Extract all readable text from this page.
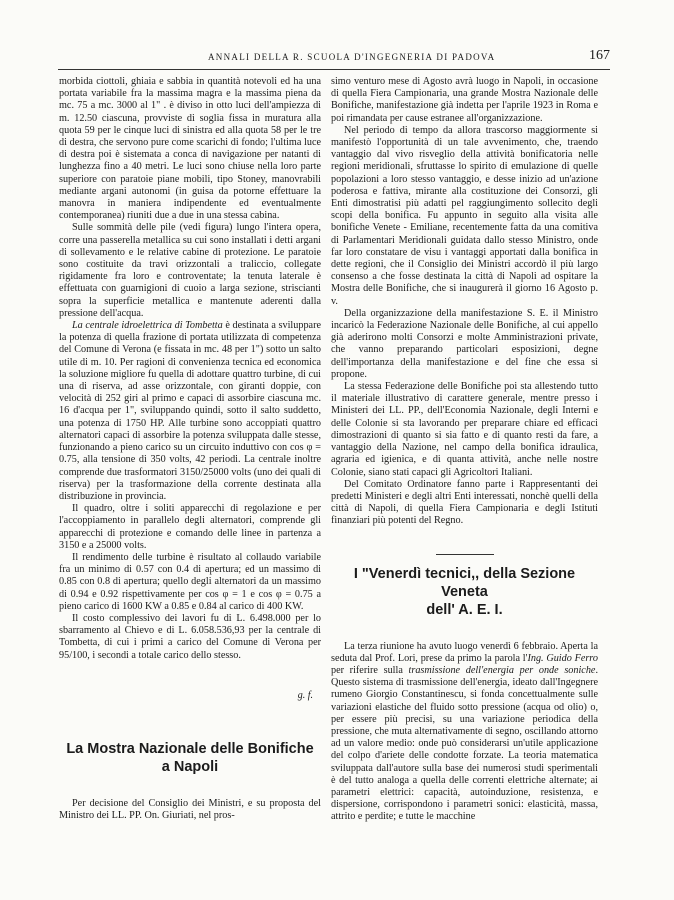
ANNALI DELLA R. SCUOLA D'INGEGNERIA DI PADOVA	167

morbida ciottoli, ghiaia e sabbia in quantità notevoli ed ha una portata variabile fra la massima magra e la massima piena da mc. 75 a mc. 3000 al 1" . è diviso in otto luci dell'ampiezza di m. 12.50 ciascuna, provviste di soglia fissa in muratura alla quota 59 per le cinque luci di sinistra ed alla quota 58 per le tre di destra, che servono pure come scarichi di fondo; l'ultima luce di destra poi è sistemata a conca di navigazione per natanti di lunghezza fino a 40 metri. Le luci sono chiuse nella loro parte superiore con paratoie piane mobili, tipo Stoney, manovrabili mediante argani autonomi (in guisa da potorne effettuare la manovra in maniera indipendente ed eventualmente contemporanea) riuniti due a due in una stessa cabina.

Sulle sommità delle pile (vedi figura) lungo l'intera opera, corre una passerella metallica su cui sono installati i detti argani di sollevamento e le relative cabine di protezione. Le paratoie sono costituite da travi orizzontali a traliccio, collegate rigidamente fra loro e controventate; la tenuta laterale è effettuata con guarnigioni di cuoio a larga sezione, striscianti sopra la superficie metallica e mantenute aderenti dalla pressione dell'acqua.

La centrale idroelettrica di Tombetta è destinata a sviluppare la potenza di quella frazione di portata utilizzata di competenza del Comune di Verona (e fissata in mc. 48 per 1") sotto un salto utile di m. 10. Per ragioni di convenienza tecnica ed economica la soluzione migliore fu quella di adottare quattro turbine, di cui una di riserva, ad asse orizzontale, con giranti doppie, con velocità di 252 giri al primo e capaci di assorbire ciascuna mc. 16 d'acqua per 1", sviluppando quindi, sotto il salto suddetto, una potenza di 1750 HP. Alle turbine sono accoppiati quattro alternatori capaci di assorbire la potenza sviluppata dalle stesse, funzionando a pieno carico su un circuito induttivo con cos φ = 0.75, alla tensione di 350 volts, 42 periodi. La centrale inoltre comprende due trasformatori 3150/25000 volts (uno dei quali di riserva) per la trasformazione della corrente destinata alla distribuzione in provincia.

Il quadro, oltre i soliti apparecchi di regolazione e per l'accoppiamento in parallelo degli alternatori, comprende gli apparecchi di protezione e comando delle linee in partenza a 3150 e a 25000 volts.

Il rendimento delle turbine è risultato al collaudo variabile fra un minimo di 0.57 con 0.4 di apertura; ed un massimo di 0.85 con 0.8 di apertura; quello degli alternatori da un massimo di 0.94 e 0.92 rispettivamente per cos φ = 1 e cos φ = 0.75 a pieno carico di 1600 KW a 0.85 e 0.84 al carico di 400 KW.

Il costo complessivo dei lavori fu di L. 6.498.000 per lo sbarramento al Chievo e di L. 6.058.536,93 per la centrale di Tombetta, di cui i primi a carico del Comune di Verona per 95/100, i secondi a totale carico dello stesso.

g. f.
La Mostra Nazionale delle Bonifiche
a Napoli

Per decisione del Consiglio dei Ministri, e su proposta del Ministro dei LL. PP. On. Giuriati, nel pros-

simo venturo mese di Agosto avrà luogo in Napoli, in occasione di quella Fiera Campionaria, una grande Mostra Nazionale delle Bonifiche, manifestazione già indetta per l'aprile 1923 in Roma e poi rimandata per cause estranee all'organizzazione.

Nel periodo di tempo da allora trascorso maggiormente si manifestò l'opportunità di un tale avvenimento, che, traendo vantaggio dal vivo risveglio della attività bonificatoria nelle regioni meridionali, sfruttasse lo spirito di emulazione di quelle popolazioni a loro stesso vantaggio, e desse inizio ad un'azione poderosa e fattiva, mirante alla costituzione dei Consorzi, gli Enti dimostratisi più adatti pel raggiungimento sollecito degli scopi della bonifica. Fu appunto in seguito alla visita alle bonifiche Venete - Emiliane, recentemente fatta da una comitiva di Parlamentari Meridionali guidata dallo stesso Ministro, onde far loro constatare de visu i vantaggi apportati dalla bonifica in dette regioni, che il Consiglio dei Ministri accordò il più largo consenso a che fosse destinata la città di Napoli ad ospitare la Mostra delle Bonifiche, che si inaugurerà il giorno 16 Agosto p. v.

Della organizzazione della manifestazione S. E. il Ministro incaricò la Federazione Nazionale delle Bonifiche, al cui appello già aderirono molti Consorzi e molte Amministrazioni private, che vanno preparando particolari esposizioni, degne dell'importanza della manifestazione e del fine che essa si propone.

La stessa Federazione delle Bonifiche poi sta allestendo tutto il materiale illustrativo di carattere generale, mentre presso i Ministeri dei LL. PP., dell'Economia Nazionale, degli Interni e delle Colonie si sta lavorando per preparare chiare ed efficaci dimostrazioni di quanto si sia fatto e di quanto resti da fare, a vantaggio della Nazione, nel campo della bonifica idraulica, agraria ed igienica, e di quanta attività, anche nelle nostre Colonie, siano stati capaci gli Agricoltori Italiani.

Del Comitato Ordinatore fanno parte i Rappresentanti dei predetti Ministeri e degli altri Enti interessati, nonchè quelli della città di Napoli, di quella Fiera Campionaria e degli Istituti finanziari più potenti del Regno.

I "Venerdì tecnici,, della Sezione Veneta
dell' A. E. I.

La terza riunione ha avuto luogo venerdì 6 febbraio. Aperta la seduta dal Prof. Lori, prese da primo la parola l'Ing. Guido Ferro per riferire sulla trasmissione dell'energia per onde soniche. Questo sistema di trasmissione dell'energia, ideato dall'Ingegnere rumeno Giorgio Constantinescu, si fonda concettualmente sulle variazioni elastiche del fluido sotto pressione (acqua od olio) o, per essere più precisi, su una variazione periodica della pressione, che muta alternativamente di segno, oscillando attorno ad un valore medio: onde può considerarsi un'utile applicazione del colpo d'ariete delle condotte forzate. La teoria matematica sviluppata dall'autore sulla base dei numerosi studi sperimentali è del tutto analoga a quella delle correnti elettriche alternate; ai parametri elettrici: capacità, autoinduzione, resistenza, e dispersione, corrispondono i parametri sonici: elasticità, massa, attrito e perdite; e tutte le macchine
